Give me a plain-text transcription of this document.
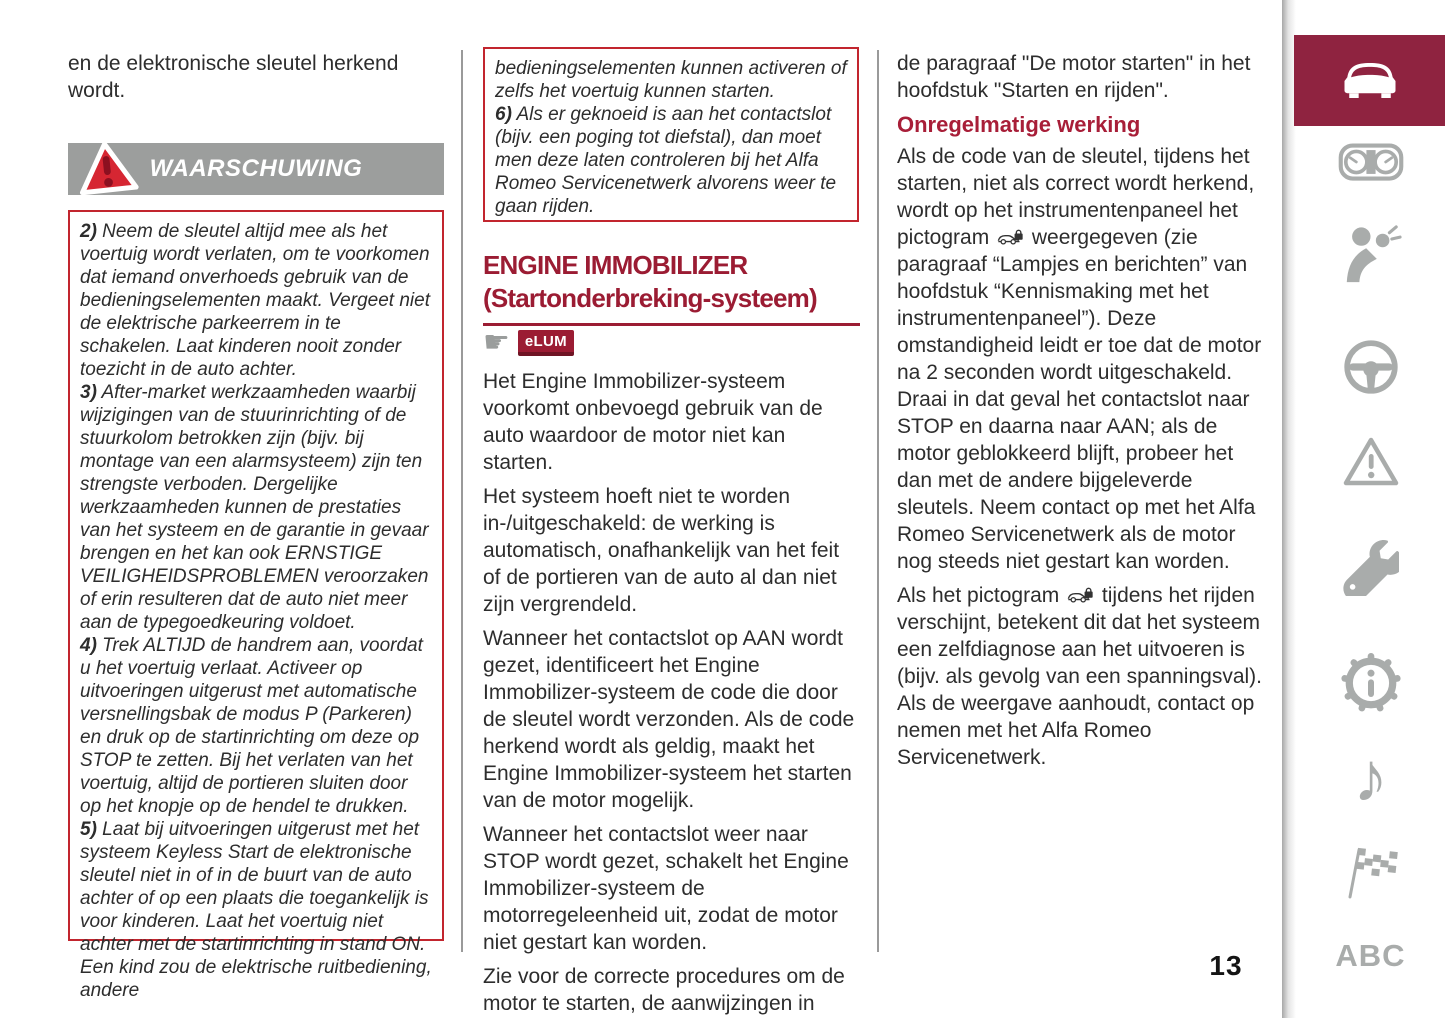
en de elektronische sleutel herkend wordt.

WAARSCHUWING

2) Neem de sleutel altijd mee als het voertuig wordt verlaten, om te voorkomen dat iemand onverhoeds gebruik van de bedieningselementen maakt. Vergeet niet de elektrische parkeerrem in te schakelen. Laat kinderen nooit zonder toezicht in de auto achter.

3) After-market werkzaamheden waarbij wijzigingen van de stuurinrichting of de stuurkolom betrokken zijn (bijv. bij montage van een alarmsysteem) zijn ten strengste verboden. Dergelijke werkzaamheden kunnen de prestaties van het systeem en de garantie in gevaar brengen en het kan ook ERNSTIGE VEILIGHEIDSPROBLEMEN veroorzaken of erin resulteren dat de auto niet meer aan de typegoedkeuring voldoet.

4) Trek ALTIJD de handrem aan, voordat u het voertuig verlaat. Activeer op uitvoeringen uitgerust met automatische versnellingsbak de modus P (Parkeren) en druk op de startinrichting om deze op STOP te zetten. Bij het verlaten van het voertuig, altijd de portieren sluiten door op het knopje op de hendel te drukken.

5) Laat bij uitvoeringen uitgerust met het systeem Keyless Start de elektronische sleutel niet in of in de buurt van de auto achter of op een plaats die toegankelijk is voor kinderen. Laat het voertuig niet achter met de startinrichting in stand ON. Een kind zou de elektrische ruitbediening, andere

bedieningselementen kunnen activeren of zelfs het voertuig kunnen starten.

6) Als er geknoeid is aan het contactslot (bijv. een poging tot diefstal), dan moet men deze laten controleren bij het Alfa Romeo Servicenetwerk alvorens weer te gaan rijden.

ENGINE IMMOBILIZER
(Startonderbreking-systeem)
☛	eLUM

Het Engine Immobilizer-systeem voorkomt onbevoegd gebruik van de auto waardoor de motor niet kan starten.

Het systeem hoeft niet te worden in-/uitgeschakeld: de werking is automatisch, onafhankelijk van het feit of de portieren van de auto al dan niet zijn vergrendeld.

Wanneer het contactslot op AAN wordt gezet, identificeert het Engine Immobilizer-systeem de code die door de sleutel wordt verzonden. Als de code herkend wordt als geldig, maakt het Engine Immobilizer-systeem het starten van de motor mogelijk.

Wanneer het contactslot weer naar STOP wordt gezet, schakelt het Engine Immobilizer-systeem de motorregeleenheid uit, zodat de motor niet gestart kan worden.

Zie voor de correcte procedures om de motor te starten, de aanwijzingen in

de paragraaf "De motor starten" in het hoofdstuk "Starten en rijden".

Onregelmatige werking

Als de code van de sleutel, tijdens het starten, niet als correct wordt herkend, wordt op het instrumentenpaneel het pictogram  weergegeven (zie paragraaf “Lampjes en berichten” van hoofdstuk “Kennismaking met het instrumentenpaneel”). Deze omstandigheid leidt er toe dat de motor na 2 seconden wordt uitgeschakeld. Draai in dat geval het contactslot naar STOP en daarna naar AAN; als de motor geblokkeerd blijft, probeer het dan met de andere bijgeleverde sleutels. Neem contact op met het Alfa Romeo Servicenetwerk als de motor nog steeds niet gestart kan worden.

Als het pictogram  tijdens het rijden verschijnt, betekent dit dat het systeem een zelfdiagnose aan het uitvoeren is (bijv. als gevolg van een spanningsval). Als de weergave aanhoudt, contact op nemen met het Alfa Romeo Servicenetwerk.

13
♪
ABC
